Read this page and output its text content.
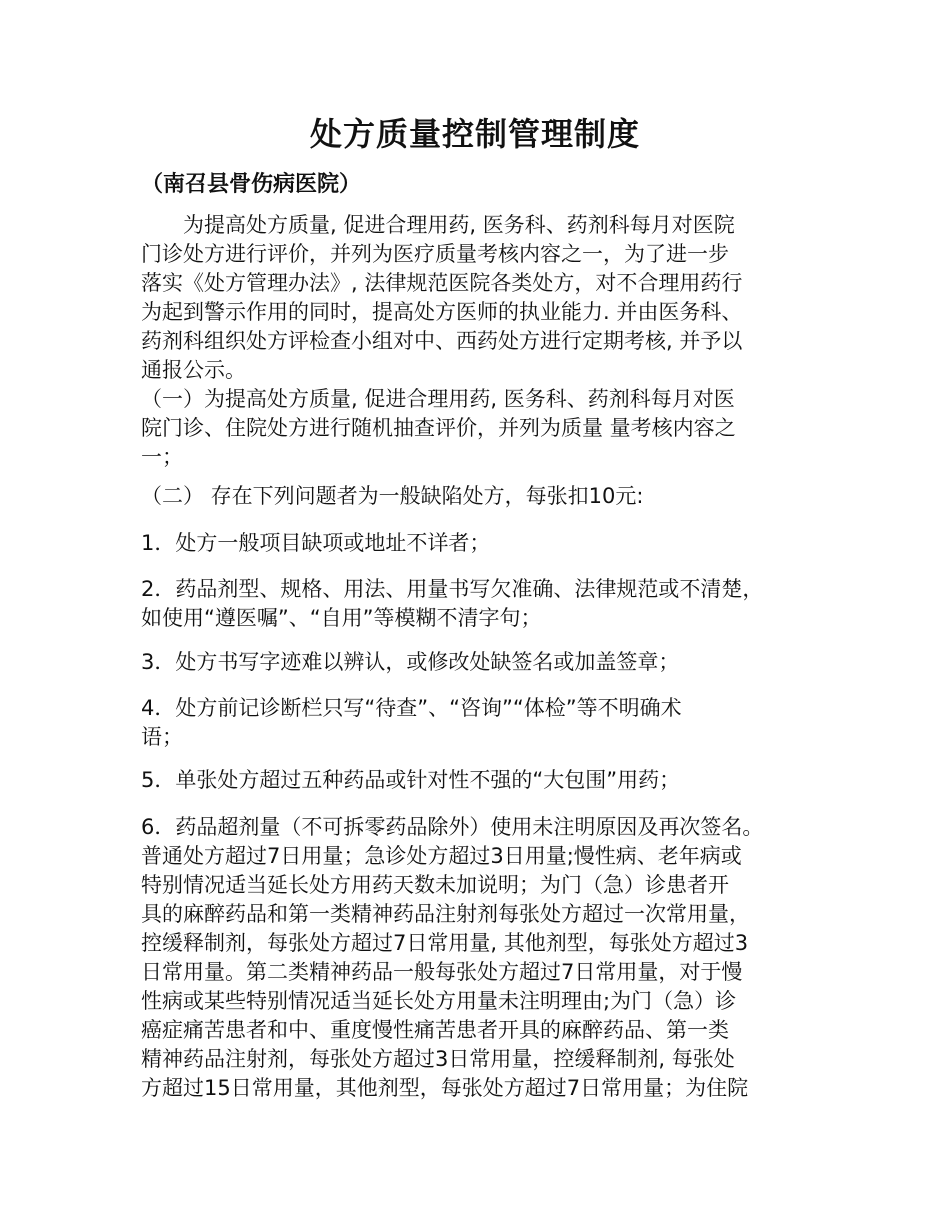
处方质量控制管理制度
（南召县骨伤病医院）
为提高处方质量, 促进合理用药, 医务科、药剂科每月对医院
门诊处方进行评价，并列为医疗质量考核内容之一，为了进一步
落实《处方管理办法》, 法律规范医院各类处方，对不合理用药行
为起到警示作用的同时，提高处方医师的执业能力. 并由医务科、
药剂科组织处方评检查小组对中、西药处方进行定期考核, 并予以
通报公示。
（一）为提高处方质量, 促进合理用药, 医务科、药剂科每月对医
院门诊、住院处方进行随机抽查评价，并列为质量 量考核内容之
一；
（二） 存在下列问题者为一般缺陷处方，每张扣10元:
1．处方一般项目缺项或地址不详者；
2．药品剂型、规格、用法、用量书写欠准确、法律规范或不清楚，
如使用“遵医嘱”、“自用”等模糊不清字句；
3．处方书写字迹难以辨认，或修改处缺签名或加盖签章；
4．处方前记诊断栏只写“待查”、“咨询”“体检”等不明确术
语；
5．单张处方超过五种药品或针对性不强的“大包围”用药；
6．药品超剂量（不可拆零药品除外）使用未注明原因及再次签名。
普通处方超过7日用量；急诊处方超过3日用量;慢性病、老年病或
特别情况适当延长处方用药天数未加说明；为门（急）诊患者开
具的麻醉药品和第一类精神药品注射剂每张处方超过一次常用量，
控缓释制剂，每张处方超过7日常用量, 其他剂型，每张处方超过3
日常用量。第二类精神药品一般每张处方超过7日常用量，对于慢
性病或某些特别情况适当延长处方用量未注明理由;为门（急）诊
癌症痛苦患者和中、重度慢性痛苦患者开具的麻醉药品、第一类
精神药品注射剂，每张处方超过3日常用量，控缓释制剂, 每张处
方超过15日常用量，其他剂型，每张处方超过7日常用量；为住院
